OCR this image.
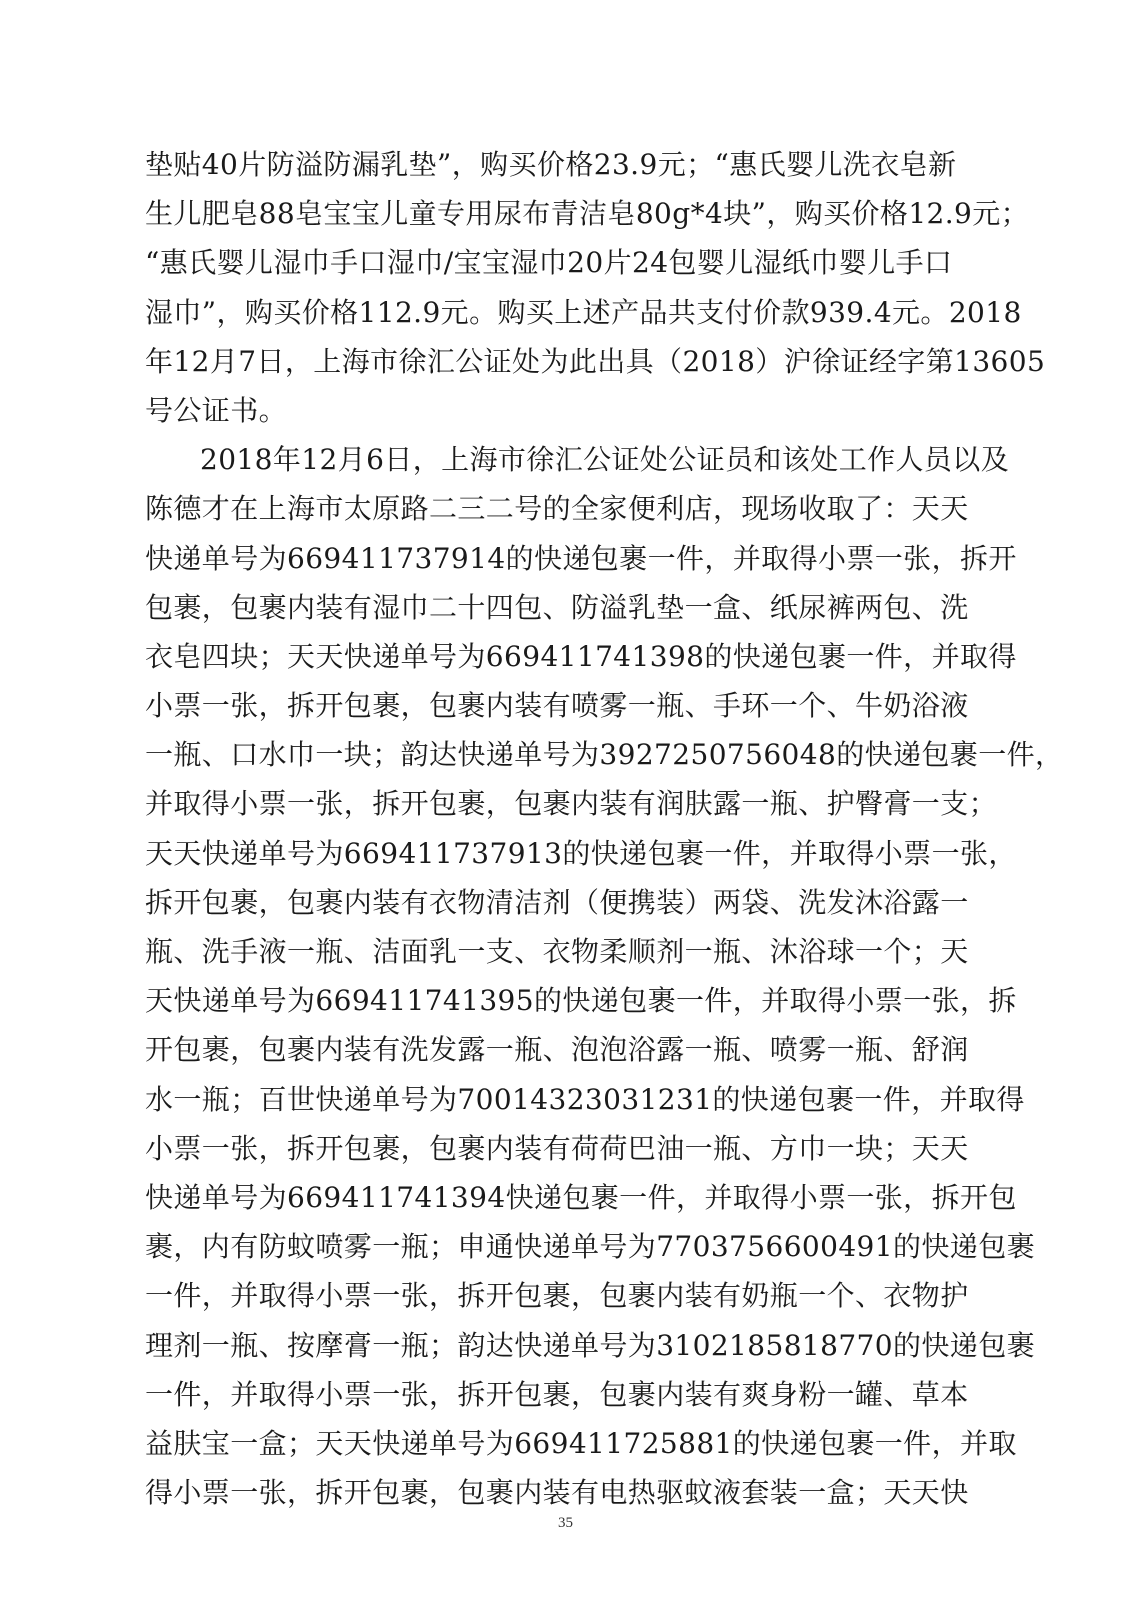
垫贴40片防溢防漏乳垫”，购买价格23.9元；“惠氏婴儿洗衣皂新
生儿肥皂88皂宝宝儿童专用尿布青洁皂80g*4块”，购买价格12.9元；
“惠氏婴儿湿巾手口湿巾/宝宝湿巾20片24包婴儿湿纸巾婴儿手口
湿巾”，购买价格112.9元。购买上述产品共支付价款939.4元。2018
年12月7日，上海市徐汇公证处为此出具（2018）沪徐证经字第13605
号公证书。
2018年12月6日，上海市徐汇公证处公证员和该处工作人员以及
陈德才在上海市太原路二三二号的全家便利店，现场收取了：天天
快递单号为669411737914的快递包裹一件，并取得小票一张，拆开
包裹，包裹内装有湿巾二十四包、防溢乳垫一盒、纸尿裤两包、洗
衣皂四块；天天快递单号为669411741398的快递包裹一件，并取得
小票一张，拆开包裹，包裹内装有喷雾一瓶、手环一个、牛奶浴液
一瓶、口水巾一块；韵达快递单号为3927250756048的快递包裹一件，
并取得小票一张，拆开包裹，包裹内装有润肤露一瓶、护臀膏一支；
天天快递单号为669411737913的快递包裹一件，并取得小票一张，
拆开包裹，包裹内装有衣物清洁剂（便携装）两袋、洗发沐浴露一
瓶、洗手液一瓶、洁面乳一支、衣物柔顺剂一瓶、沐浴球一个；天
天快递单号为669411741395的快递包裹一件，并取得小票一张，拆
开包裹，包裹内装有洗发露一瓶、泡泡浴露一瓶、喷雾一瓶、舒润
水一瓶；百世快递单号为70014323031231的快递包裹一件，并取得
小票一张，拆开包裹，包裹内装有荷荷巴油一瓶、方巾一块；天天
快递单号为669411741394快递包裹一件，并取得小票一张，拆开包
裹，内有防蚊喷雾一瓶；申通快递单号为7703756600491的快递包裹
一件，并取得小票一张，拆开包裹，包裹内装有奶瓶一个、衣物护
理剂一瓶、按摩膏一瓶；韵达快递单号为3102185818770的快递包裹
一件，并取得小票一张，拆开包裹，包裹内装有爽身粉一罐、草本
益肤宝一盒；天天快递单号为669411725881的快递包裹一件，并取
得小票一张，拆开包裹，包裹内装有电热驱蚊液套装一盒；天天快
35
